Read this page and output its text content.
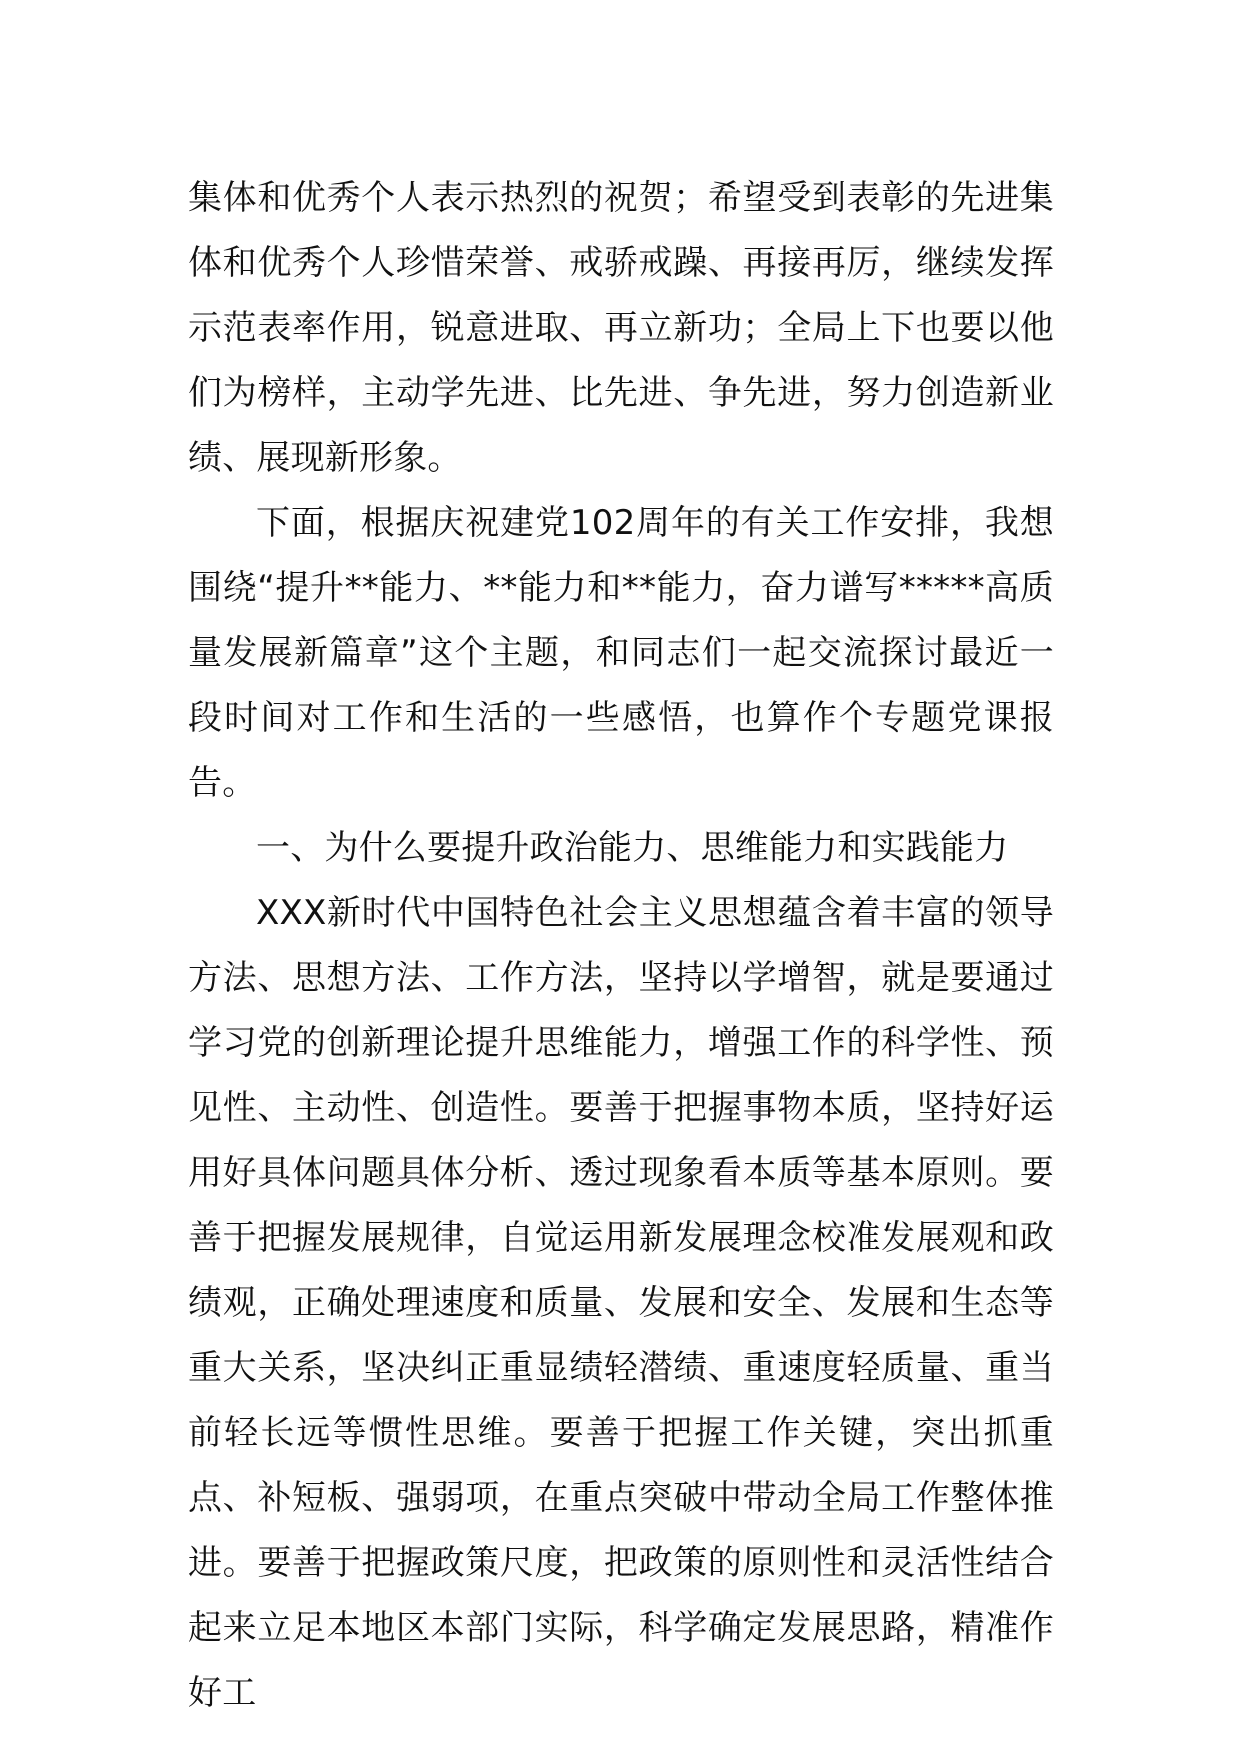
集体和优秀个人表示热烈的祝贺；希望受到表彰的先进集体和优秀个人珍惜荣誉、戒骄戒躁、再接再厉，继续发挥示范表率作用，锐意进取、再立新功；全局上下也要以他们为榜样，主动学先进、比先进、争先进，努力创造新业绩、展现新形象。

下面，根据庆祝建党102周年的有关工作安排，我想围绕“提升**能力、**能力和**能力，奋力谱写*****高质量发展新篇章”这个主题，和同志们一起交流探讨最近一段时间对工作和生活的一些感悟，也算作个专题党课报告。

一、为什么要提升政治能力、思维能力和实践能力

XXX新时代中国特色社会主义思想蕴含着丰富的领导方法、思想方法、工作方法，坚持以学增智，就是要通过学习党的创新理论提升思维能力，增强工作的科学性、预见性、主动性、创造性。要善于把握事物本质，坚持好运用好具体问题具体分析、透过现象看本质等基本原则。要善于把握发展规律，自觉运用新发展理念校准发展观和政绩观，正确处理速度和质量、发展和安全、发展和生态等重大关系，坚决纠正重显绩轻潜绩、重速度轻质量、重当前轻长远等惯性思维。要善于把握工作关键，突出抓重点、补短板、强弱项，在重点突破中带动全局工作整体推进。要善于把握政策尺度，把政策的原则性和灵活性结合起来立足本地区本部门实际，科学确定发展思路，精准作好工
